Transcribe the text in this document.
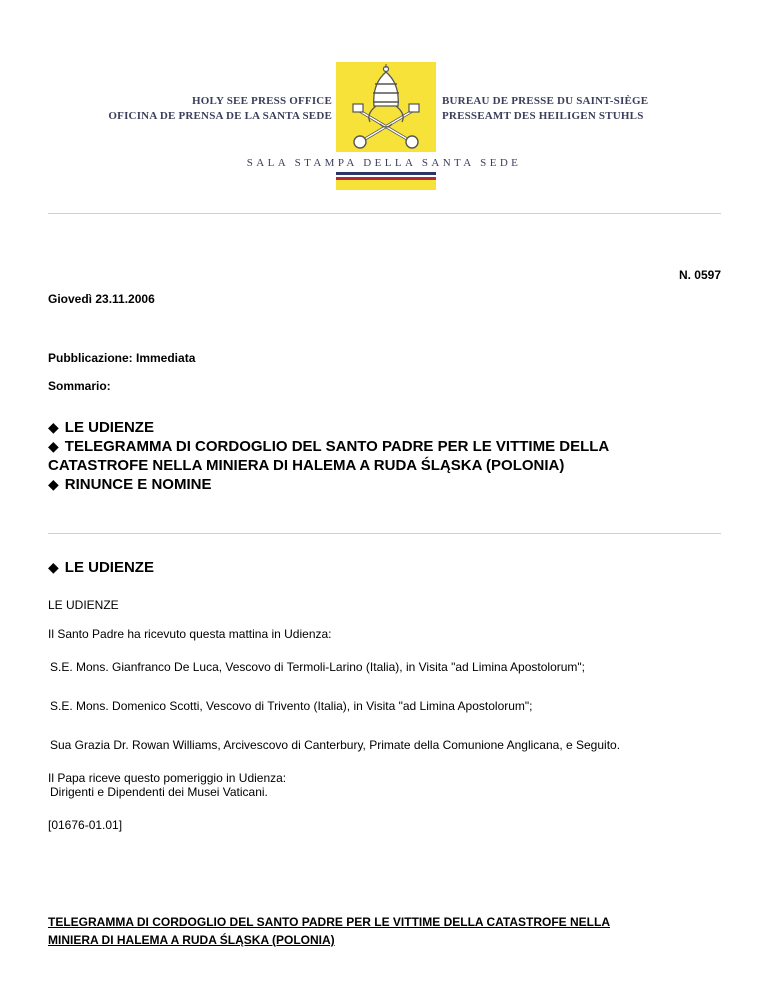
HOLY SEE PRESS OFFICE
OFICINA DE PRENSA DE LA SANTA SEDE
BUREAU DE PRESSE DU SAINT-SIÈGE
PRESSEAMT DES HEILIGEN STUHLS
SALA STAMPA DELLA SANTA SEDE
N. 0597
Giovedì 23.11.2006
Pubblicazione: Immediata
Sommario:
◆ LE UDIENZE
◆ TELEGRAMMA DI CORDOGLIO DEL SANTO PADRE PER LE VITTIME DELLA
CATASTROFE NELLA MINIERA DI HALEMA A RUDA ŚLĄSKA (POLONIA)
◆ RINUNCE E NOMINE
◆ LE UDIENZE
LE UDIENZE
Il Santo Padre ha ricevuto questa mattina in Udienza:
S.E. Mons. Gianfranco De Luca, Vescovo di Termoli-Larino (Italia), in Visita "ad Limina Apostolorum";
S.E. Mons. Domenico Scotti, Vescovo di Trivento (Italia), in Visita "ad Limina Apostolorum";
Sua Grazia Dr. Rowan Williams, Arcivescovo di Canterbury, Primate della Comunione Anglicana, e Seguito.
Il Papa riceve questo pomeriggio in Udienza:
Dirigenti e Dipendenti dei Musei Vaticani.
[01676-01.01]
TELEGRAMMA DI CORDOGLIO DEL SANTO PADRE PER LE VITTIME DELLA CATASTROFE NELLA
MINIERA DI HALEMA A RUDA ŚLĄSKA (POLONIA)
